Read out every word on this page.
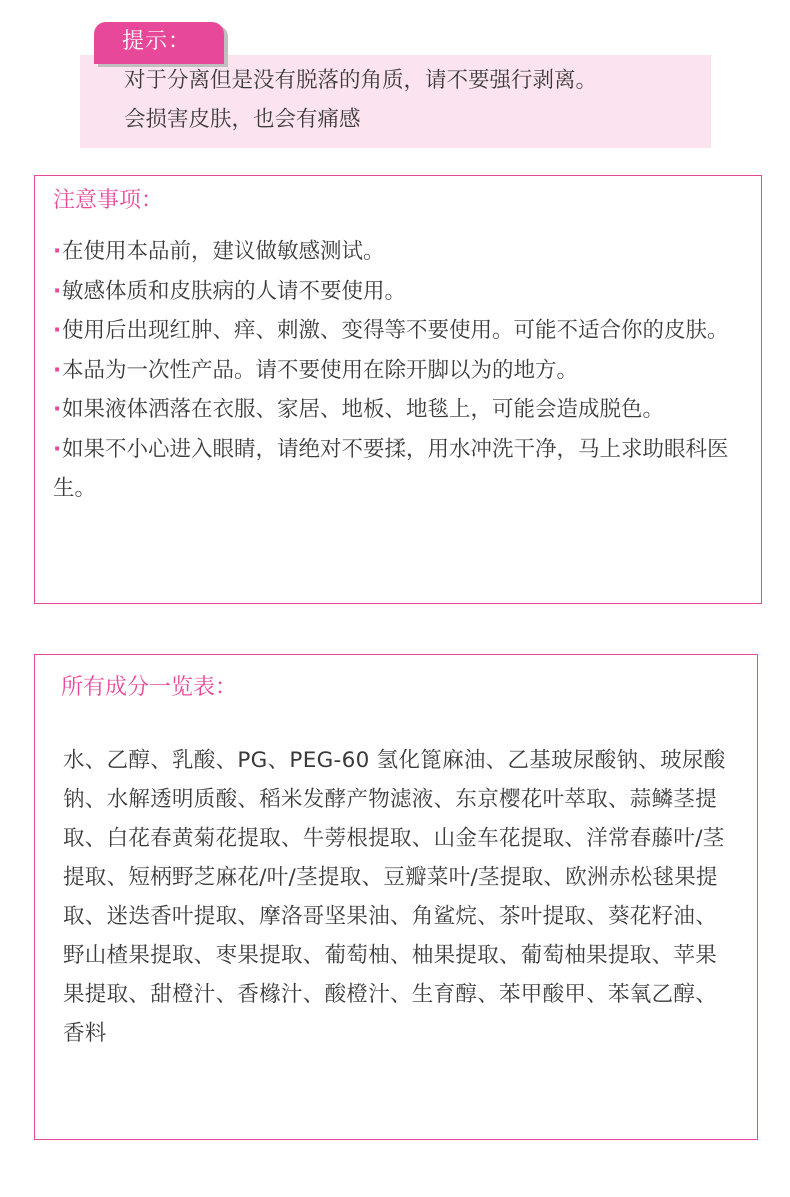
对于分离但是没有脱落的角质，请不要强行剥离。
会损害皮肤，也会有痛感
提示：
注意事项：
·在使用本品前，建议做敏感测试。
·敏感体质和皮肤病的人请不要使用。
·使用后出现红肿、痒、刺激、变得等不要使用。可能不适合你的皮肤。
·本品为一次性产品。请不要使用在除开脚以为的地方。
·如果液体洒落在衣服、家居、地板、地毯上，可能会造成脱色。
·如果不小心进入眼睛，请绝对不要揉，用水冲洗干净，马上求助眼科医生。
所有成分一览表：

水、乙醇、乳酸、PG、PEG-60 氢化篦麻油、乙基玻尿酸钠、玻尿酸钠、水解透明质酸、稻米发酵产物滤液、东京樱花叶萃取、蒜鳞茎提取、白花春黄菊花提取、牛蒡根提取、山金车花提取、洋常春藤叶/茎提取、短柄野芝麻花/叶/茎提取、豆瓣菜叶/茎提取、欧洲赤松毬果提取、迷迭香叶提取、摩洛哥坚果油、角鲨烷、茶叶提取、葵花籽油、野山楂果提取、枣果提取、葡萄柚、柚果提取、葡萄柚果提取、苹果果提取、甜橙汁、香橼汁、酸橙汁、生育醇、苯甲酸甲、苯氧乙醇、香料
